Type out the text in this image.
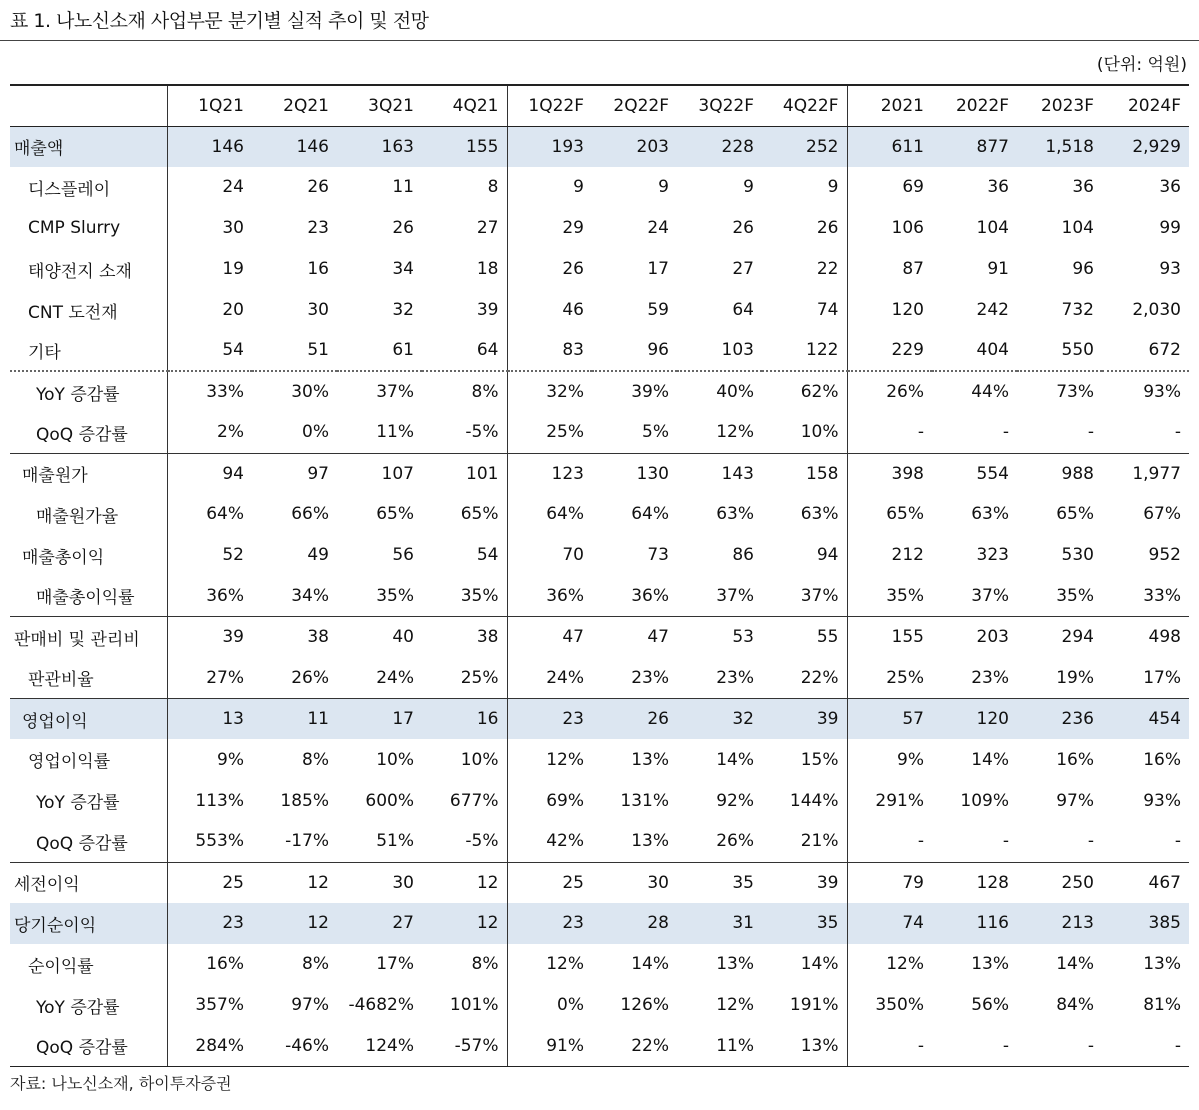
표 1. 나노신소재 사업부문 분기별 실적 추이 및 전망
(단위: 억원)
	1Q21	2Q21	3Q21	4Q21	1Q22F	2Q22F	3Q22F	4Q22F	2021	2022F	2023F	2024F
매출액	146	146	163	155	193	203	228	252	611	877	1,518	2,929
디스플레이	24	26	11	8	9	9	9	9	69	36	36	36
CMP Slurry	30	23	26	27	29	24	26	26	106	104	104	99
태양전지 소재	19	16	34	18	26	17	27	22	87	91	96	93
CNT 도전재	20	30	32	39	46	59	64	74	120	242	732	2,030
기타	54	51	61	64	83	96	103	122	229	404	550	672
YoY 증감률	33%	30%	37%	8%	32%	39%	40%	62%	26%	44%	73%	93%
QoQ 증감률	2%	0%	11%	-5%	25%	5%	12%	10%	-	-	-	-
매출원가	94	97	107	101	123	130	143	158	398	554	988	1,977
매출원가율	64%	66%	65%	65%	64%	64%	63%	63%	65%	63%	65%	67%
매출총이익	52	49	56	54	70	73	86	94	212	323	530	952
매출총이익률	36%	34%	35%	35%	36%	36%	37%	37%	35%	37%	35%	33%
판매비 및 관리비	39	38	40	38	47	47	53	55	155	203	294	498
판관비율	27%	26%	24%	25%	24%	23%	23%	22%	25%	23%	19%	17%
영업이익	13	11	17	16	23	26	32	39	57	120	236	454
영업이익률	9%	8%	10%	10%	12%	13%	14%	15%	9%	14%	16%	16%
YoY 증감률	113%	185%	600%	677%	69%	131%	92%	144%	291%	109%	97%	93%
QoQ 증감률	553%	-17%	51%	-5%	42%	13%	26%	21%	-	-	-	-
세전이익	25	12	30	12	25	30	35	39	79	128	250	467
당기순이익	23	12	27	12	23	28	31	35	74	116	213	385
순이익률	16%	8%	17%	8%	12%	14%	13%	14%	12%	13%	14%	13%
YoY 증감률	357%	97%	-4682%	101%	0%	126%	12%	191%	350%	56%	84%	81%
QoQ 증감률	284%	-46%	124%	-57%	91%	22%	11%	13%	-	-	-	-
자료: 나노신소재, 하이투자증권
